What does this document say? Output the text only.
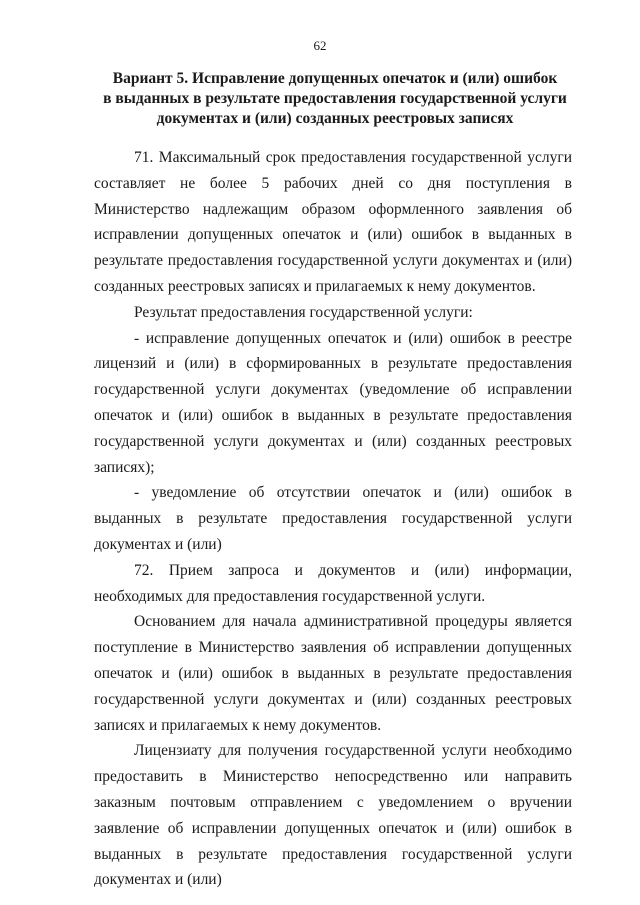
62
Вариант 5. Исправление допущенных опечаток и (или) ошибок
в выданных в результате предоставления государственной услуги
документах и (или) созданных реестровых записях

71. Максимальный срок предоставления государственной услуги составляет не более 5 рабочих дней со дня поступления в Министерство надлежащим образом оформленного заявления об исправлении допущенных опечаток и (или) ошибок в выданных в результате предоставления государственной услуги документах и (или) созданных реестровых записях и прилагаемых к нему документов.

Результат предоставления государственной услуги:

- исправление допущенных опечаток и (или) ошибок в реестре лицензий и (или) в сформированных в результате предоставления государственной услуги документах (уведомление об исправлении опечаток и (или) ошибок в выданных в результате предоставления государственной услуги документах и (или) созданных реестровых записях);

- уведомление об отсутствии опечаток и (или) ошибок в выданных в результате предоставления государственной услуги документах и (или)

72. Прием запроса и документов и (или) информации, необходимых для предоставления государственной услуги.

Основанием для начала административной процедуры является поступление в Министерство заявления об исправлении допущенных опечаток и (или) ошибок в выданных в результате предоставления государственной услуги документах и (или) созданных реестровых записях и прилагаемых к нему документов.

Лицензиату для получения государственной услуги необходимо предоставить в Министерство непосредственно или направить заказным почтовым отправлением с уведомлением о вручении заявление об исправлении допущенных опечаток и (или) ошибок в выданных в результате предоставления государственной услуги документах и (или)
